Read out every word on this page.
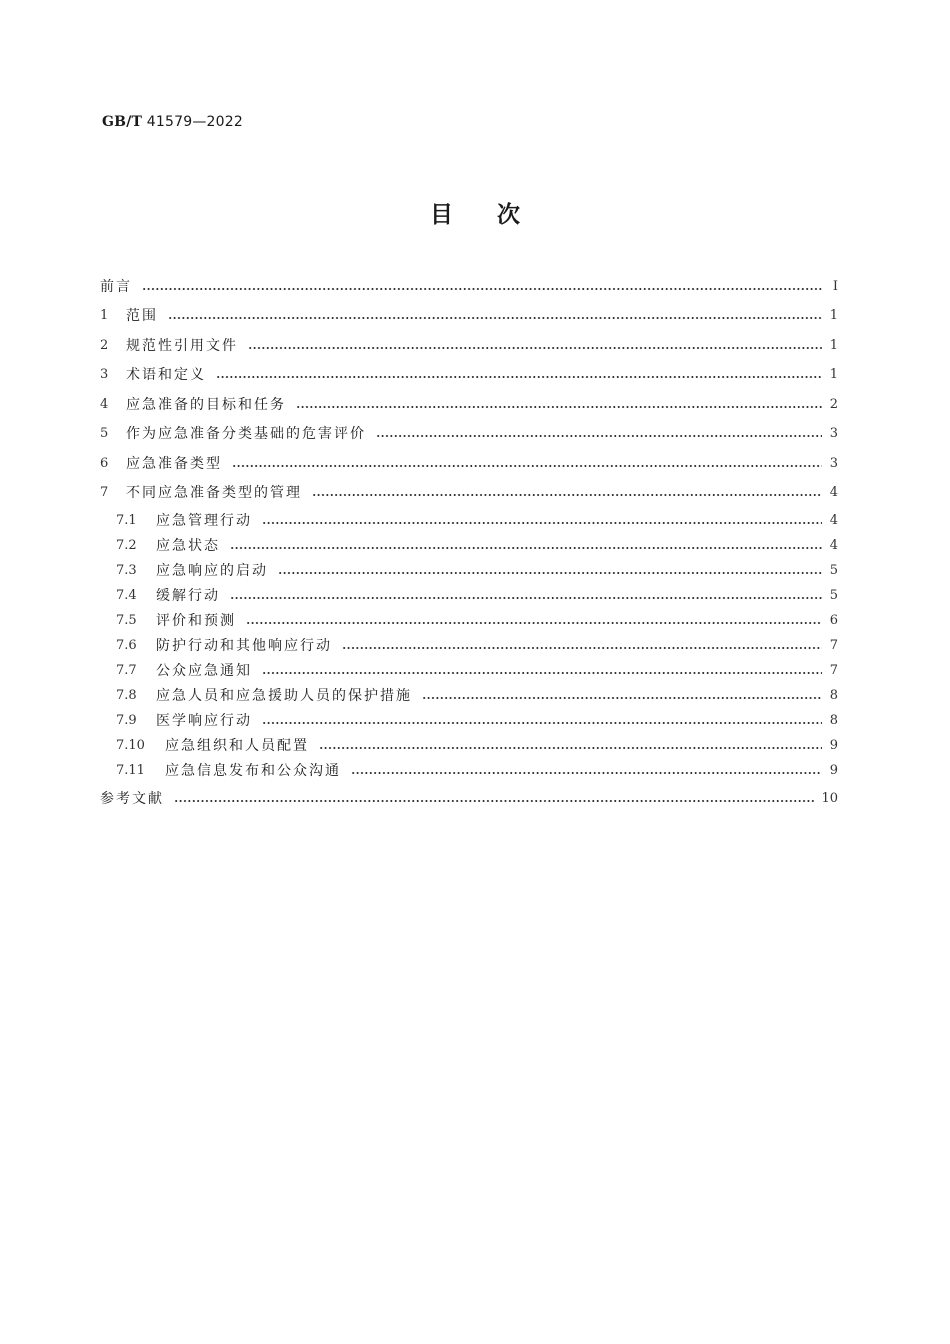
GB/T 41579—2022
目 次
前言	Ⅰ
1	范围	1
2	规范性引用文件	1
3	术语和定义	1
4	应急准备的目标和任务	2
5	作为应急准备分类基础的危害评价	3
6	应急准备类型	3
7	不同应急准备类型的管理	4
7.1	应急管理行动	4
7.2	应急状态	4
7.3	应急响应的启动	5
7.4	缓解行动	5
7.5	评价和预测	6
7.6	防护行动和其他响应行动	7
7.7	公众应急通知	7
7.8	应急人员和应急援助人员的保护措施	8
7.9	医学响应行动	8
7.10	应急组织和人员配置	9
7.11	应急信息发布和公众沟通	9
参考文献	10
